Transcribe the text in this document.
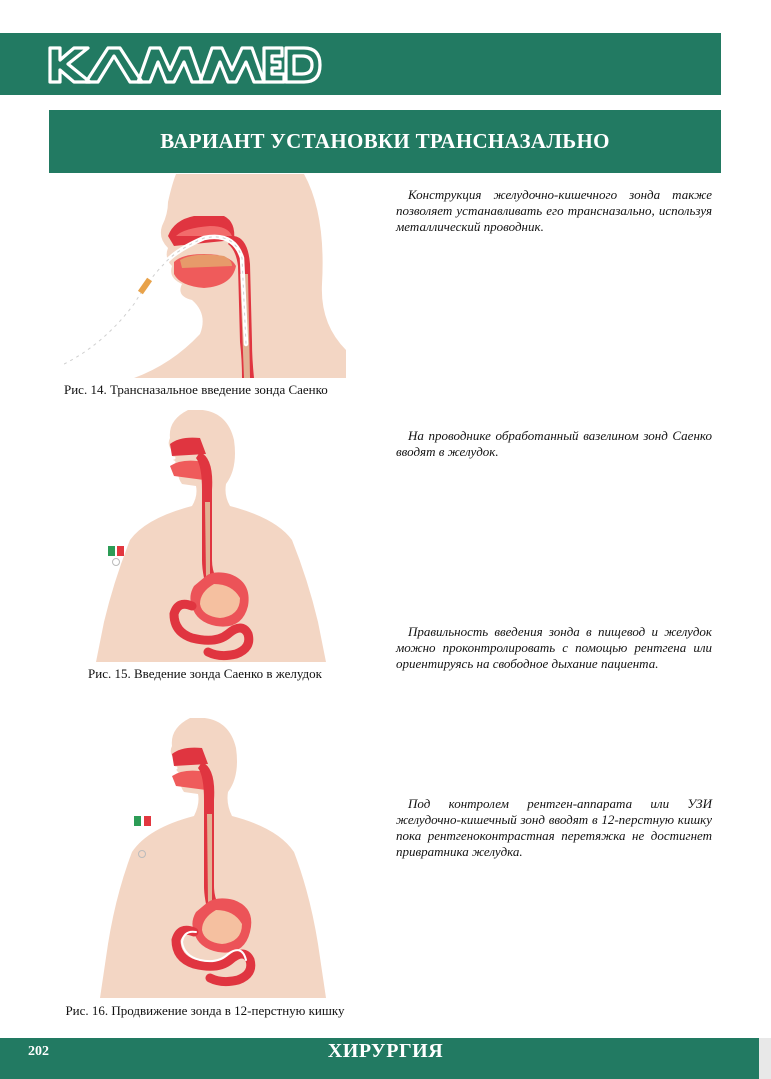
ВАРИАНТ УСТАНОВКИ ТРАНСНАЗАЛЬНО
Рис. 14. Трансназальное введение зонда Саенко
Рис. 15. Введение зонда Саенко в желудок
Рис. 16. Продвижение зонда в 12-перстную кишку
Конструкция желудочно-кишечного зонда также позволяет устанавливать его трансназально, используя металлический проводник.
На проводнике обработанный вазелином зонд Саенко вводят в желудок.
Правильность введения зонда в пищевод и желудок можно проконтролировать с помощью рентгена или ориентируясь на свободное дыхание пациента.
Под контролем рентген-аппарата или УЗИ желудочно-кишечный зонд вводят в 12-перстную кишку пока рентгеноконтрастная перетяжка не достигнет привратника желудка.
202	ХИРУРГИЯ
